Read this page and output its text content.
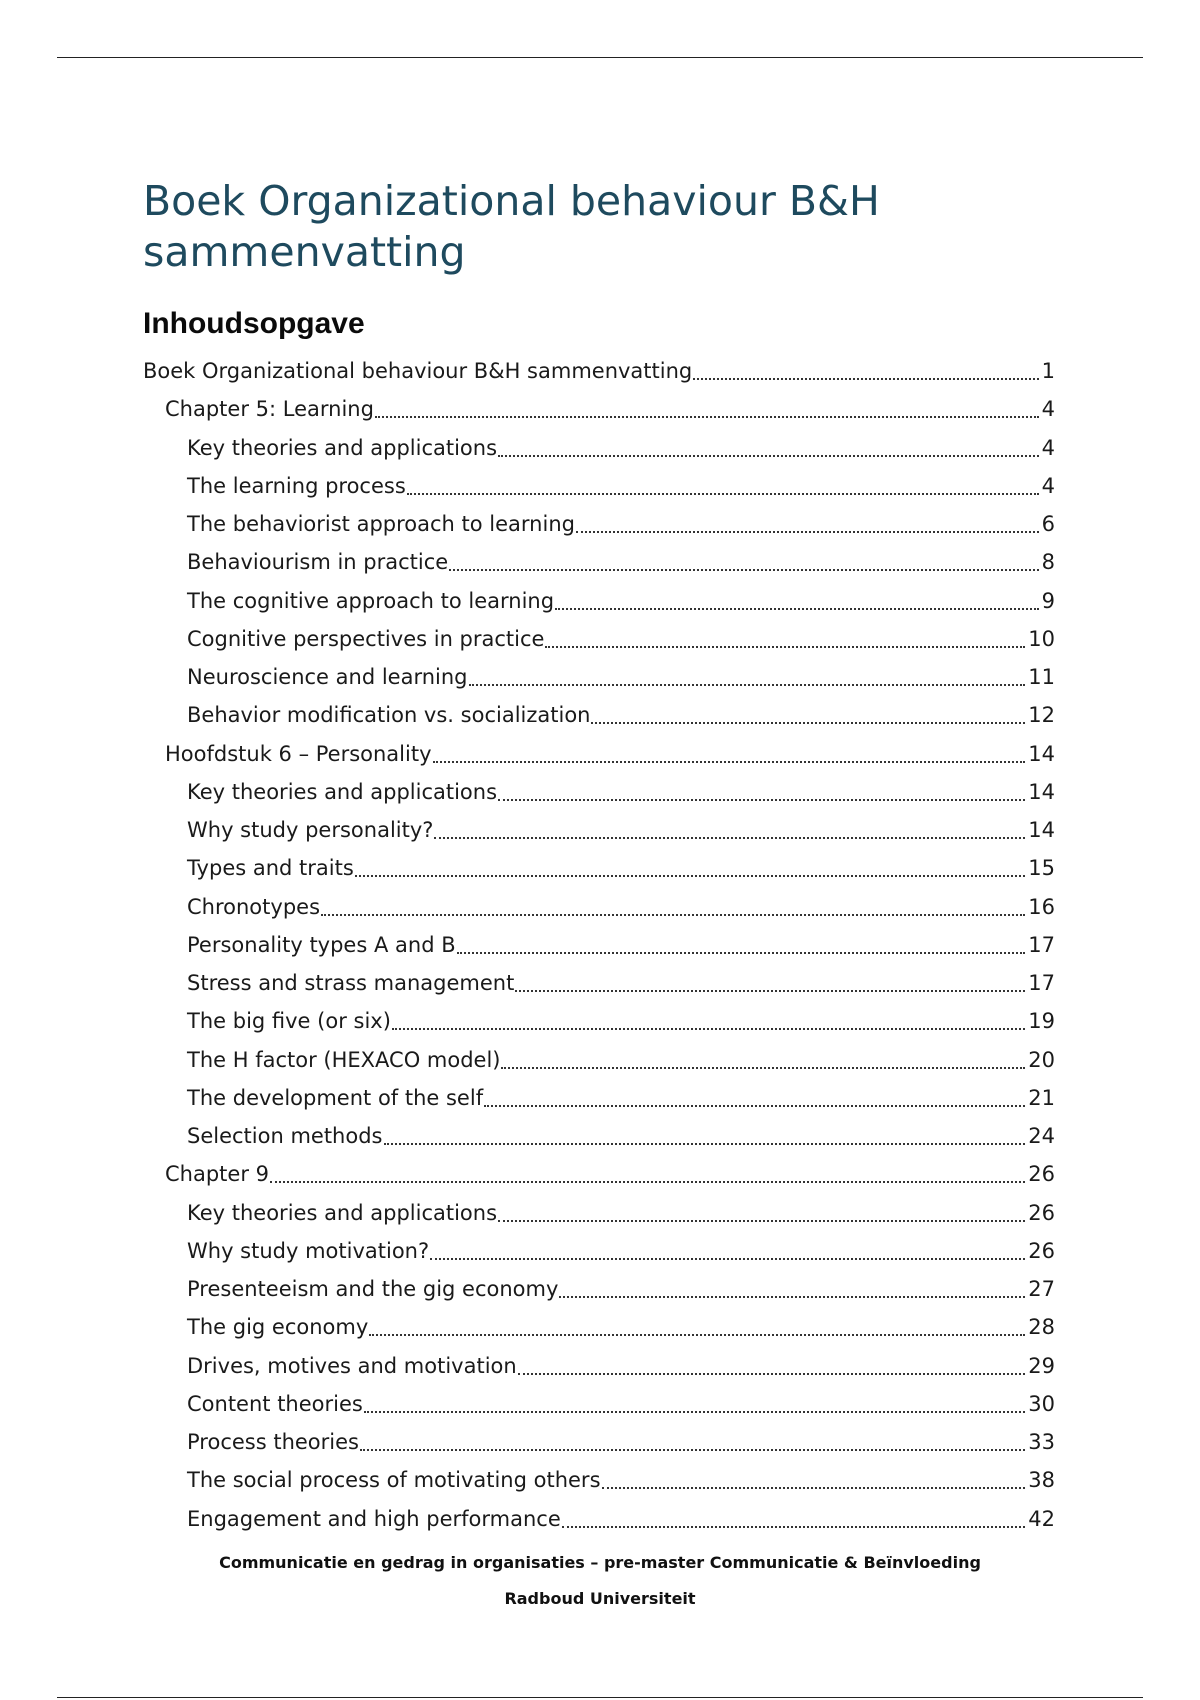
Boek Organizational behaviour B&H sammenvatting
Inhoudsopgave
Boek Organizational behaviour B&H sammenvatting	1
Chapter 5: Learning	4
Key theories and applications	4
The learning process	4
The behaviorist approach to learning	6
Behaviourism in practice	8
The cognitive approach to learning	9
Cognitive perspectives in practice	10
Neuroscience and learning	11
Behavior modification vs. socialization	12
Hoofdstuk 6 – Personality	14
Key theories and applications	14
Why study personality?	14
Types and traits	15
Chronotypes	16
Personality types A and B	17
Stress and strass management	17
The big five (or six)	19
The H factor (HEXACO model)	20
The development of the self	21
Selection methods	24
Chapter 9	26
Key theories and applications	26
Why study motivation?	26
Presenteeism and the gig economy	27
The gig economy	28
Drives, motives and motivation	29
Content theories	30
Process theories	33
The social process of motivating others	38
Engagement and high performance	42
Communicatie en gedrag in organisaties – pre-master Communicatie & Beïnvloeding
Radboud Universiteit
